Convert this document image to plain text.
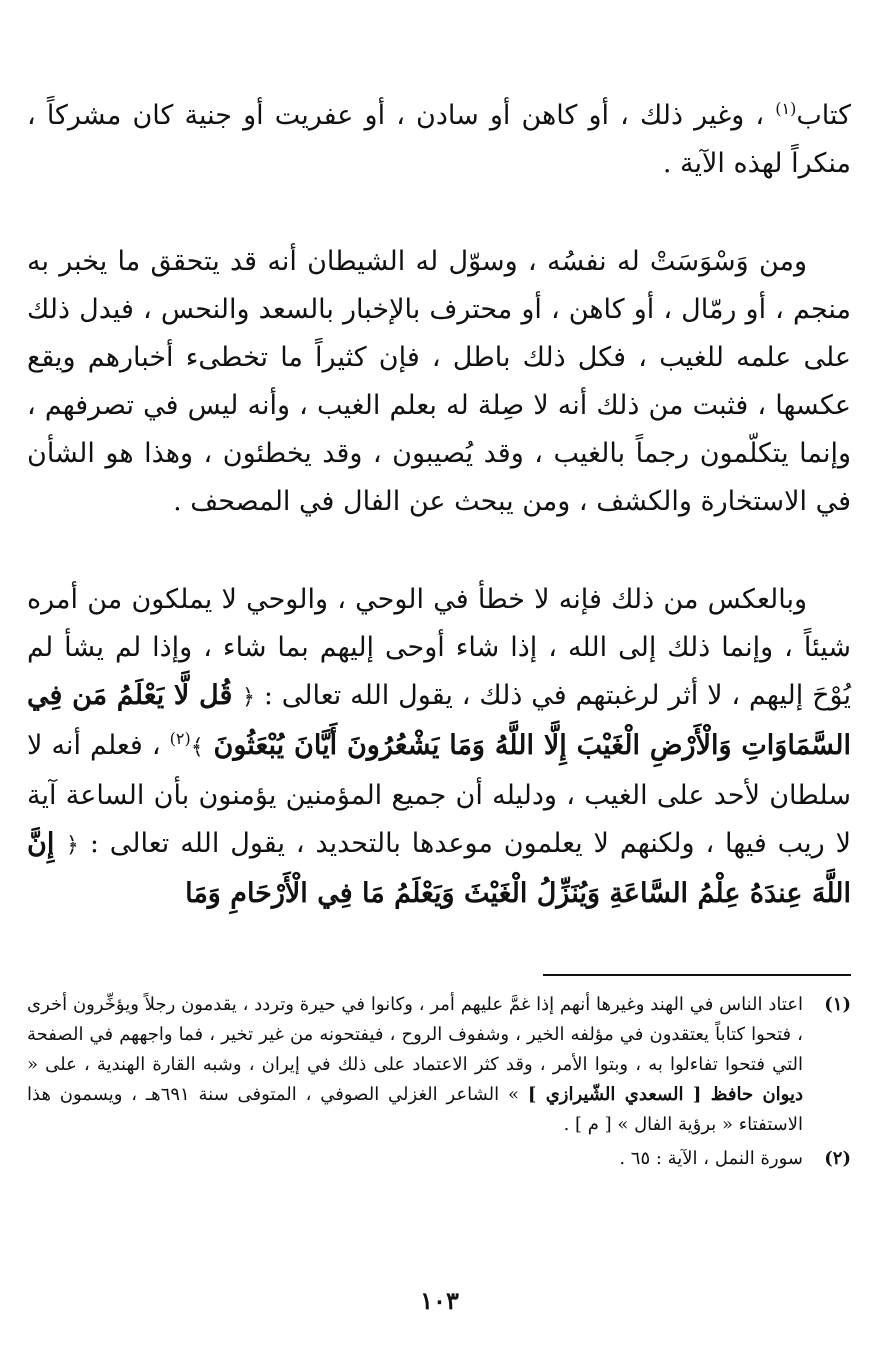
كتاب$^{(١)}$ ، وغير ذلك ، أو كاهن أو سادن ، أو عفريت أو جنية كان مشركاً ، منكراً لهذه الآية .

ومن وَسْوَسَتْ له نفسُه ، وسوّل له الشيطان أنه قد يتحقق ما يخبر به منجم ، أو رمّال ، أو كاهن ، أو محترف بالإخبار بالسعد والنحس ، فيدل ذلك على علمه للغيب ، فكل ذلك باطل ، فإن كثيراً ما تخطىء أخبارهم ويقع عكسها ، فثبت من ذلك أنه لا صِلة له بعلم الغيب ، وأنه ليس في تصرفهم ، وإنما يتكلّمون رجماً بالغيب ، وقد يُصيبون ، وقد يخطئون ، وهذا هو الشأن في الاستخارة والكشف ، ومن يبحث عن الفال في المصحف .

وبالعكس من ذلك فإنه لا خطأ في الوحي ، والوحي لا يملكون من أمره شيئاً ، وإنما ذلك إلى الله ، إذا شاء أوحى إليهم بما شاء ، وإذا لم يشأ لم يُوْحَ إليهم ، لا أثر لرغبتهم في ذلك ، يقول الله تعالى : ﴿ قُل لَّا يَعْلَمُ مَن فِي السَّمَاوَاتِ وَالْأَرْضِ الْغَيْبَ إِلَّا اللَّهُ وَمَا يَشْعُرُونَ أَيَّانَ يُبْعَثُونَ ﴾$^{(٢)}$ ، فعلم أنه لا سلطان لأحد على الغيب ، ودليله أن جميع المؤمنين يؤمنون بأن الساعة آية لا ريب فيها ، ولكنهم لا يعلمون موعدها بالتحديد ، يقول الله تعالى : ﴿ إِنَّ اللَّهَ عِندَهُ عِلْمُ السَّاعَةِ وَيُنَزِّلُ الْغَيْثَ وَيَعْلَمُ مَا فِي الْأَرْحَامِ وَمَا

(١)
اعتاد الناس في الهند وغيرها أنهم إذا غمَّ عليهم أمر ، وكانوا في حيرة وتردد ، يقدمون رجلاً ويؤخِّرون أخرى ، فتحوا كتاباً يعتقدون في مؤلفه الخير ، وشفوف الروح ، فيفتحونه من غير تخير ، فما واجههم في الصفحة التي فتحوا تفاءلوا به ، وبتوا الأمر ، وقد كثر الاعتماد على ذلك في إيران ، وشبه القارة الهندية ، على « ديوان حافظ [ السعدي الشّيرازي ] » الشاعر الغزلي الصوفي ، المتوفى سنة ٦٩١هـ ، ويسمون هذا الاستفتاء « برؤية الفال » [ م ] .
(٢)
سورة النمل ، الآية : ٦٥ .
١٠٣
